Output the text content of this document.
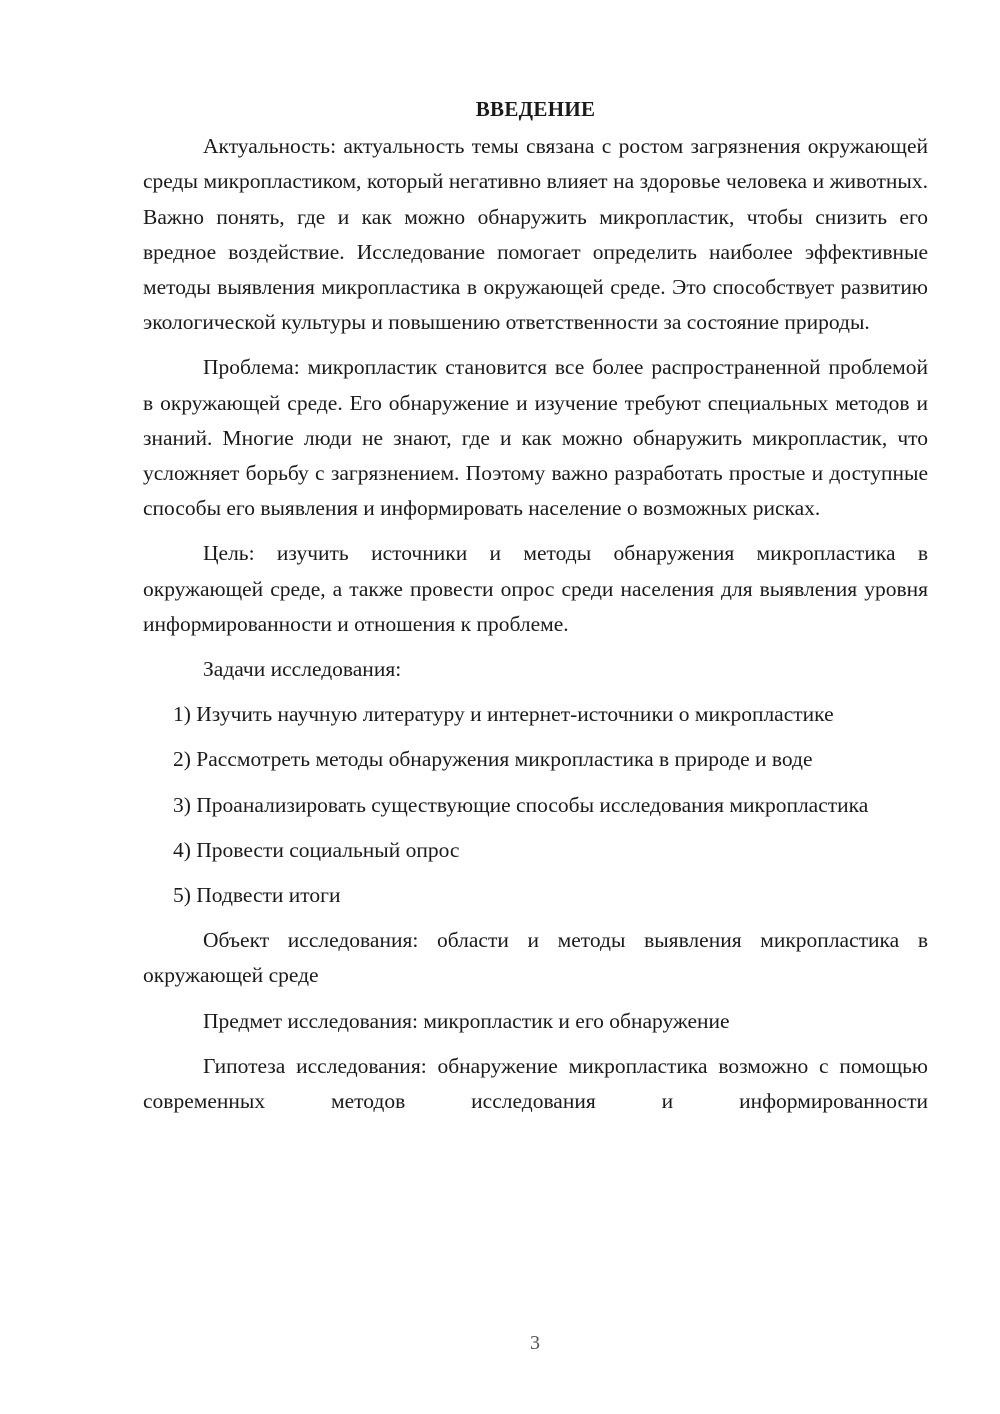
ВВЕДЕНИЕ

Актуальность: актуальность темы связана с ростом загрязнения окружающей среды микропластиком, который негативно влияет на здоровье человека и животных. Важно понять, где и как можно обнаружить микропластик, чтобы снизить его вредное воздействие. Исследование помогает определить наиболее эффективные методы выявления микропластика в окружающей среде. Это способствует развитию экологической культуры и повышению ответственности за состояние природы.

Проблема: микропластик становится все более распространенной проблемой в окружающей среде. Его обнаружение и изучение требуют специальных методов и знаний. Многие люди не знают, где и как можно обнаружить микропластик, что усложняет борьбу с загрязнением. Поэтому важно разработать простые и доступные способы его выявления и информировать население о возможных рисках.

Цель: изучить источники и методы обнаружения микропластика в окружающей среде, а также провести опрос среди населения для выявления уровня информированности и отношения к проблеме.

Задачи исследования:

1) Изучить научную литературу и интернет-источники о микропластике

2) Рассмотреть методы обнаружения микропластика в природе и воде

3) Проанализировать существующие способы исследования микропластика

4) Провести социальный опрос

5) Подвести итоги

Объект исследования: области и методы выявления микропластика в окружающей среде

Предмет исследования: микропластик и его обнаружение

Гипотеза исследования: обнаружение микропластика возможно с помощью современных методов исследования и информированности

3
